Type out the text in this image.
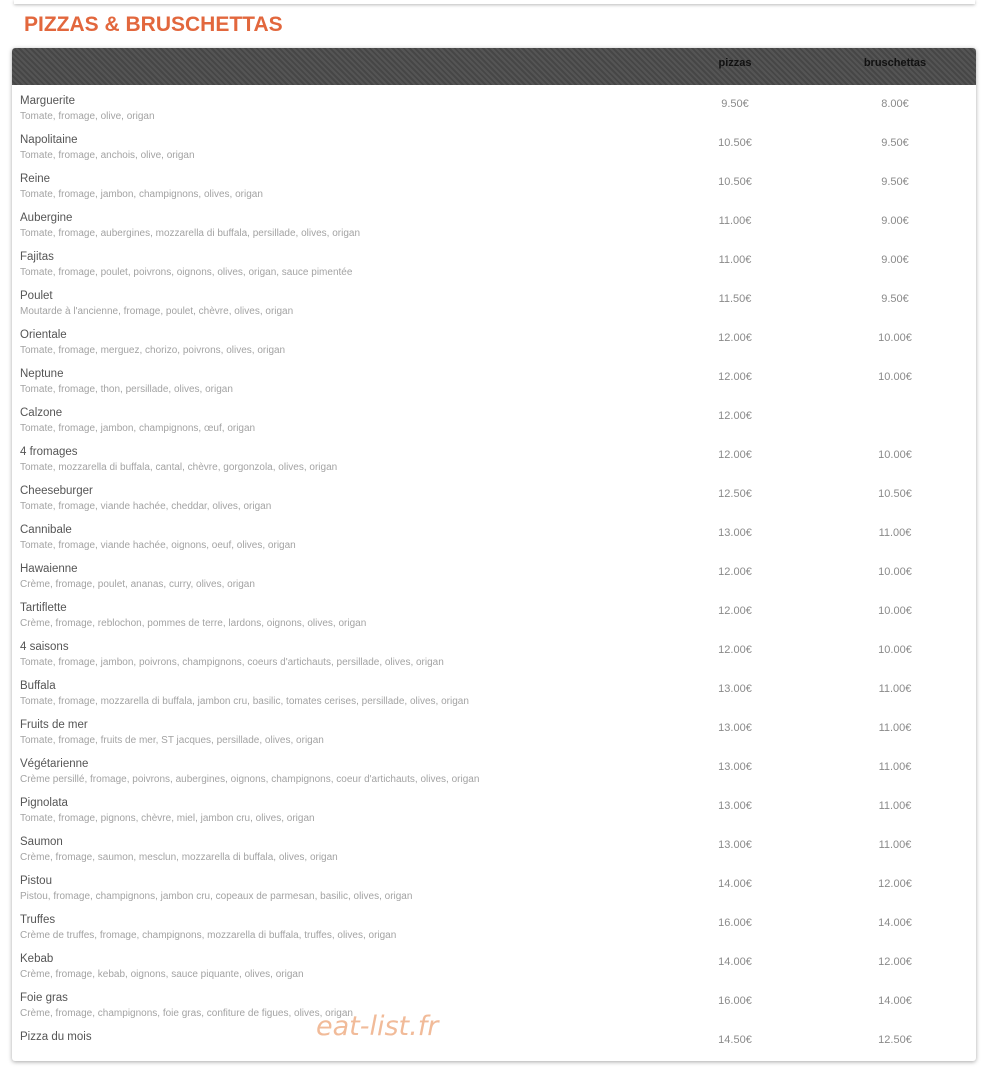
PIZZAS & BRUSCHETTAS
pizzas	bruschettas
Marguerite
Tomate, fromage, olive, origan
9.50€	8.00€
Napolitaine
Tomate, fromage, anchois, olive, origan
10.50€	9.50€
Reine
Tomate, fromage, jambon, champignons, olives, origan
10.50€	9.50€
Aubergine
Tomate, fromage, aubergines, mozzarella di buffala, persillade, olives, origan
11.00€	9.00€
Fajitas
Tomate, fromage, poulet, poivrons, oignons, olives, origan, sauce pimentée
11.00€	9.00€
Poulet
Moutarde à l'ancienne, fromage, poulet, chèvre, olives, origan
11.50€	9.50€
Orientale
Tomate, fromage, merguez, chorizo, poivrons, olives, origan
12.00€	10.00€
Neptune
Tomate, fromage, thon, persillade, olives, origan
12.00€	10.00€
Calzone
Tomate, fromage, jambon, champignons, œuf, origan
12.00€
4 fromages
Tomate, mozzarella di buffala, cantal, chèvre, gorgonzola, olives, origan
12.00€	10.00€
Cheeseburger
Tomate, fromage, viande hachée, cheddar, olives, origan
12.50€	10.50€
Cannibale
Tomate, fromage, viande hachée, oignons, oeuf, olives, origan
13.00€	11.00€
Hawaienne
Crème, fromage, poulet, ananas, curry, olives, origan
12.00€	10.00€
Tartiflette
Crème, fromage, reblochon, pommes de terre, lardons, oignons, olives, origan
12.00€	10.00€
4 saisons
Tomate, fromage, jambon, poivrons, champignons, coeurs d'artichauts, persillade, olives, origan
12.00€	10.00€
Buffala
Tomate, fromage, mozzarella di buffala, jambon cru, basilic, tomates cerises, persillade, olives, origan
13.00€	11.00€
Fruits de mer
Tomate, fromage, fruits de mer, ST jacques, persillade, olives, origan
13.00€	11.00€
Végétarienne
Crème persillé, fromage, poivrons, aubergines, oignons, champignons, coeur d'artichauts, olives, origan
13.00€	11.00€
Pignolata
Tomate, fromage, pignons, chèvre, miel, jambon cru, olives, origan
13.00€	11.00€
Saumon
Crème, fromage, saumon, mesclun, mozzarella di buffala, olives, origan
13.00€	11.00€
Pistou
Pistou, fromage, champignons, jambon cru, copeaux de parmesan, basilic, olives, origan
14.00€	12.00€
Truffes
Crème de truffes, fromage, champignons, mozzarella di buffala, truffes, olives, origan
16.00€	14.00€
Kebab
Crème, fromage, kebab, oignons, sauce piquante, olives, origan
14.00€	12.00€
Foie gras
Crème, fromage, champignons, foie gras, confiture de figues, olives, origan
16.00€	14.00€
Pizza du mois	14.50€	12.50€
eat-list.fr
